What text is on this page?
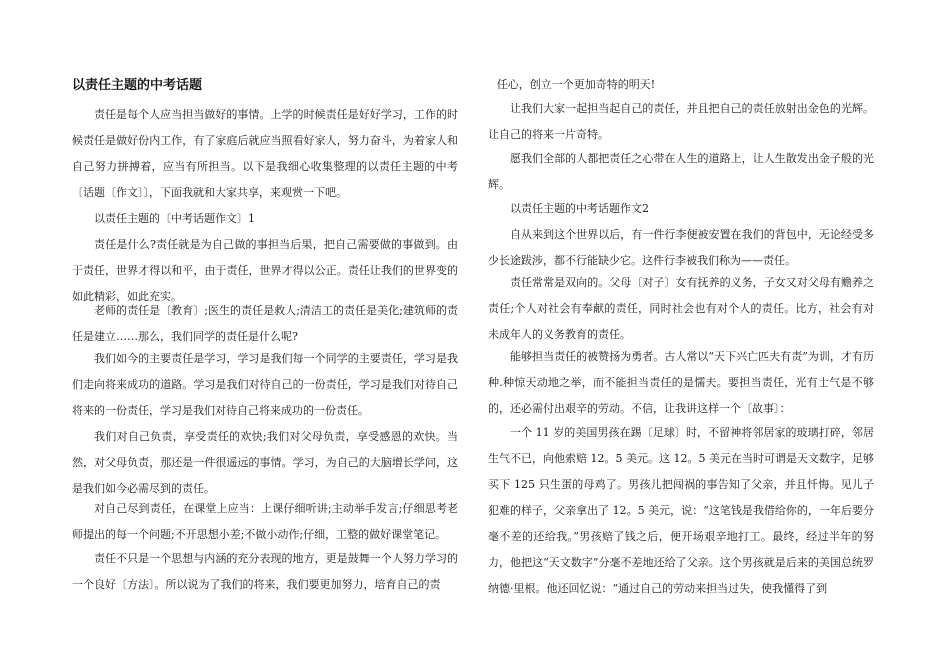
以责任主题的中考话题

责任是每个人应当担当做好的事情。上学的时候责任是好好学习，工作的时候责任是做好份内工作，有了家庭后就应当照看好家人，努力奋斗，为着家人和自己努力拼搏着，应当有所担当。以下是我细心收集整理的以责任主题的中考〔话题〔作文〕〕，下面我就和大家共享，来观赏一下吧。

以责任主题的〔中考话题作文〕1

责任是什么?责任就是为自己做的事担当后果，把自己需要做的事做到。由于责任，世界才得以和平，由于责任，世界才得以公正。责任让我们的世界变的如此精彩，如此充实。

老师的责任是〔教育〕;医生的责任是救人;清洁工的责任是美化;建筑师的责任是建立……那么，我们同学的责任是什么呢?

我们如今的主要责任是学习，学习是我们每一个同学的主要责任，学习是我们走向将来成功的道路。学习是我们对待自己的一份责任，学习是我们对待自己将来的一份责任，学习是我们对待自己将来成功的一份责任。

我们对自己负责，享受责任的欢快;我们对父母负责，享受感恩的欢快。当然，对父母负责，那还是一件很遥远的事情。学习，为自己的大脑增长学问，这是我们如今必需尽到的责任。

对自己尽到责任，在课堂上应当：上课仔细听讲;主动举手发言;仔细思考老师提出的每一个问题;不开思想小差;不做小动作;仔细，工整的做好课堂笔记。

责任不只是一个思想与内涵的充分表现的地方，更是鼓舞一个人努力学习的一个良好〔方法〕。所以说为了我们的将来，我们要更加努力，培育自己的责

任心，创立一个更加奇特的明天!

让我们大家一起担当起自己的责任，并且把自己的责任放射出金色的光辉。让自己的将来一片奇特。

愿我们全部的人都把责任之心带在人生的道路上，让人生散发出金子般的光辉。

以责任主题的中考话题作文2

自从来到这个世界以后，有一件行李便被安置在我们的背包中，无论经受多少长途跋涉，都不行能缺少它。这件行李被我们称为——责任。

责任常常是双向的。父母〔对子〕女有抚养的义务，子女又对父母有赡养之责任;个人对社会有奉献的责任，同时社会也有对个人的责任。比方，社会有对未成年人的义务教育的责任。

能够担当责任的被赞扬为勇者。古人常以“天下兴亡匹夫有责”为训，才有历种.种惊天动地之举，而不能担当责任的是懦夫。要担当责任，光有士气是不够的，还必需付出艰辛的劳动。不信，让我讲这样一个〔故事〕：

一个 11 岁的美国男孩在踢〔足球〕时，不留神将邻居家的玻璃打碎，邻居生气不已，向他索赔 12。5 美元。这 12。5 美元在当时可谓是天文数字，足够买下 125 只生蛋的母鸡了。男孩儿把闯祸的事告知了父亲，并且忏悔。见儿子犯难的样子，父亲拿出了 12。5 美元，说：“这笔钱是我借给你的，一年后要分毫不差的还给我。”男孩赔了钱之后，便开场艰辛地打工。最终，经过半年的努力，他把这“天文数字”分毫不差地还给了父亲。这个男孩就是后来的美国总统罗纳德·里根。他还回忆说：“通过自己的劳动来担当过失，使我懂得了到
